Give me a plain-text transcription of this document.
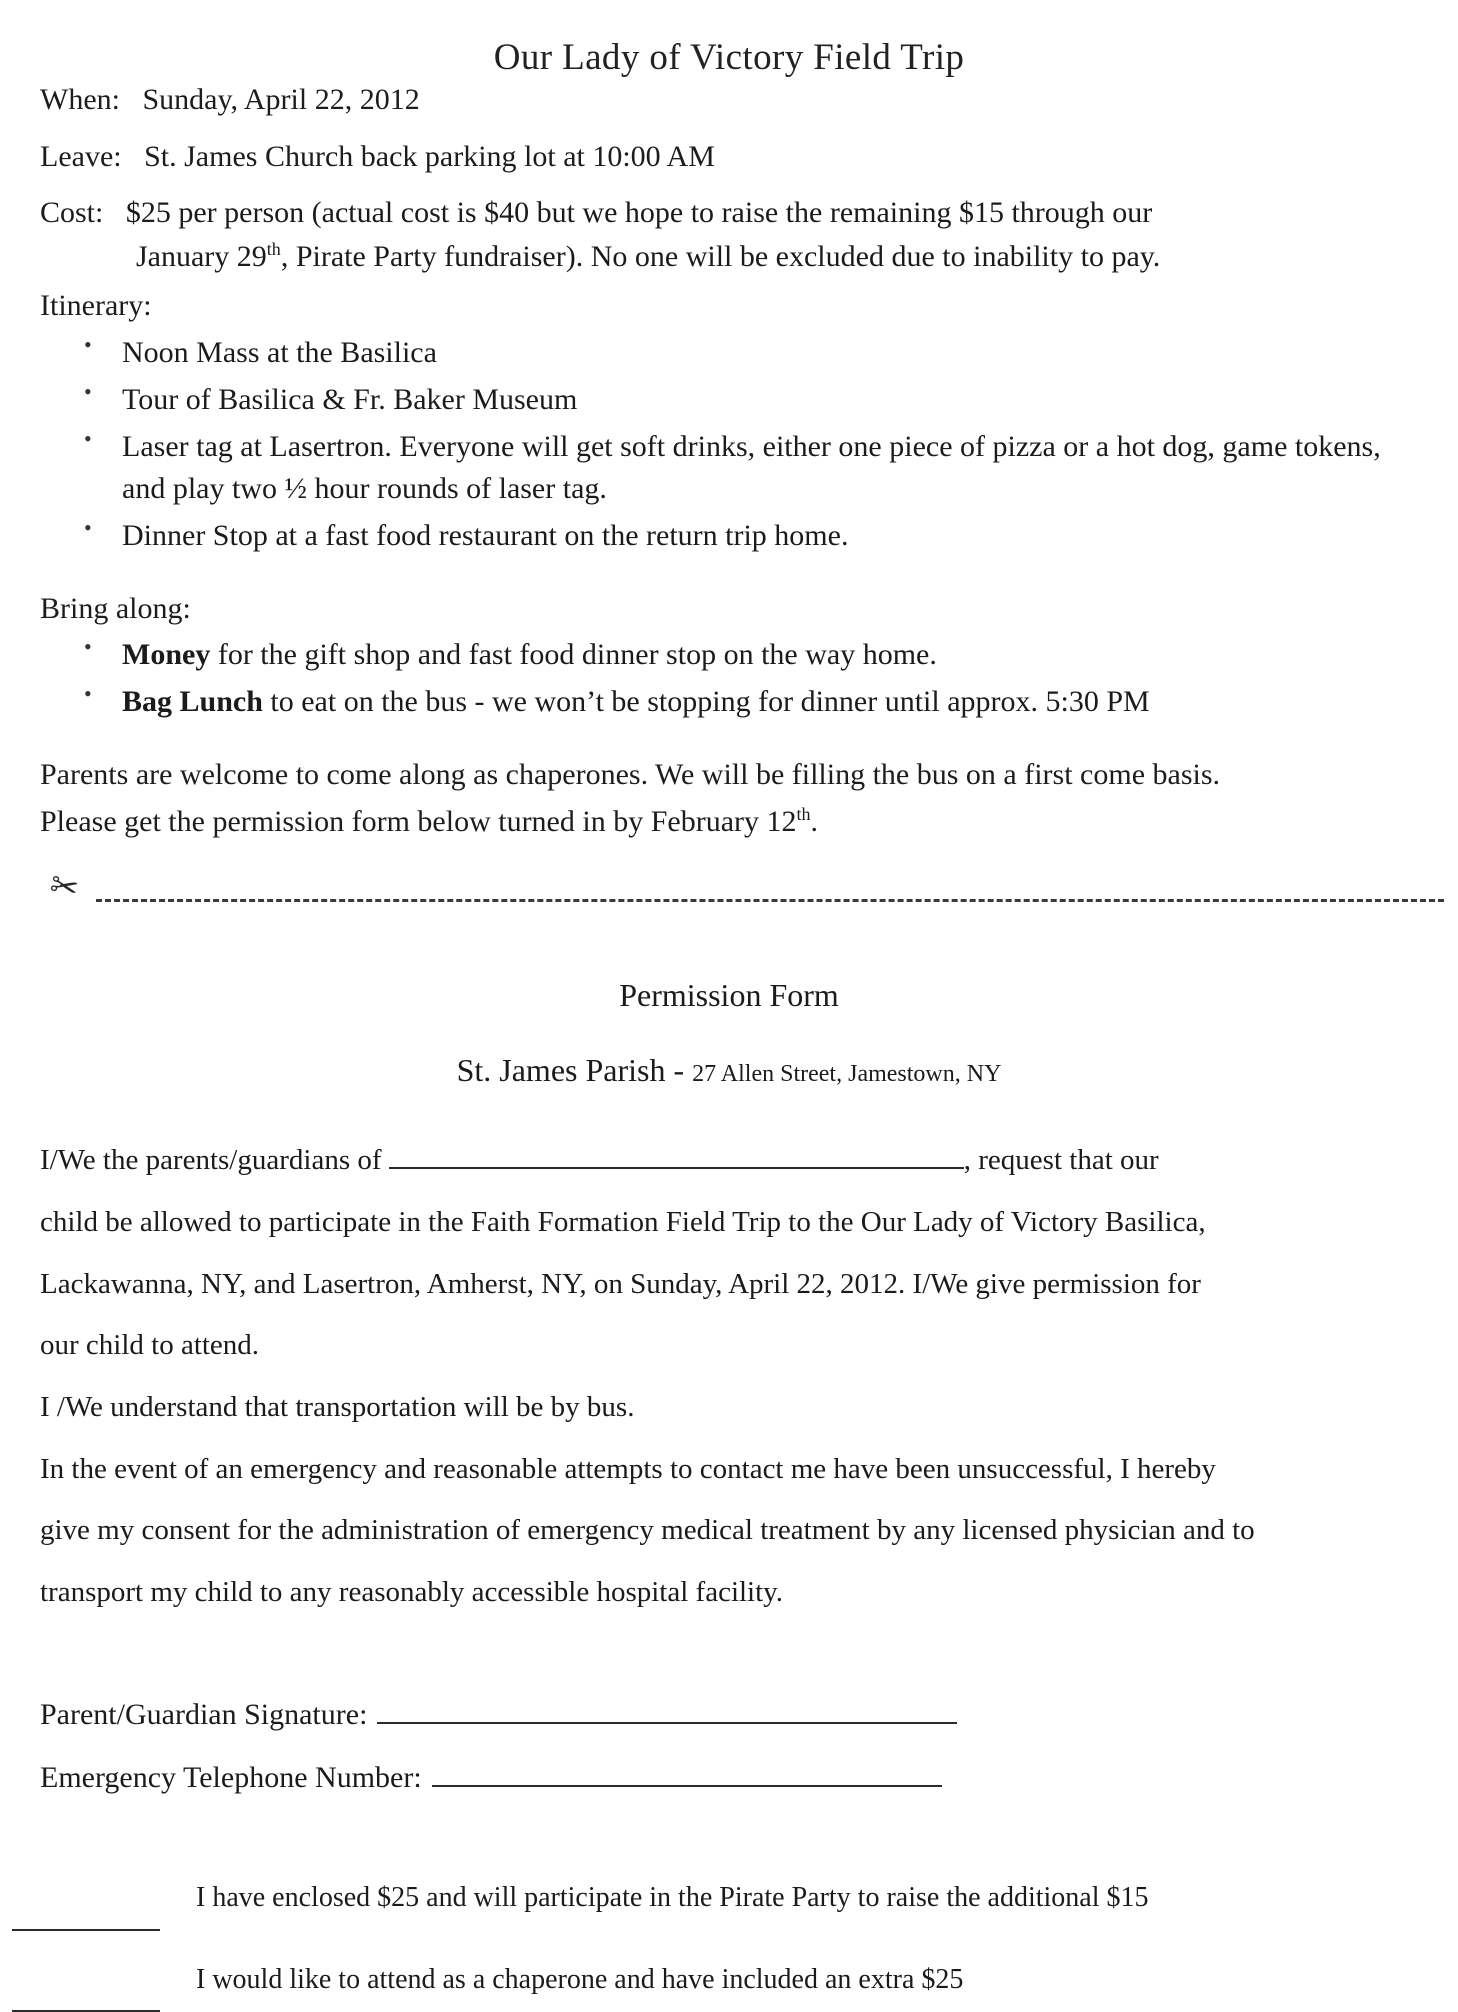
Our Lady of Victory Field Trip
When: Sunday, April 22, 2012
Leave: St. James Church back parking lot at 10:00 AM
Cost: $25 per person (actual cost is $40 but we hope to raise the remaining $15 through our
January 29th, Pirate Party fundraiser). No one will be excluded due to inability to pay.
Itinerary:
• Noon Mass at the Basilica
• Tour of Basilica & Fr. Baker Museum
• Laser tag at Lasertron. Everyone will get soft drinks, either one piece of pizza or a hot dog, game tokens, and play two ½ hour rounds of laser tag.
• Dinner Stop at a fast food restaurant on the return trip home.
Bring along:
• Money for the gift shop and fast food dinner stop on the way home.
• Bag Lunch to eat on the bus - we won’t be stopping for dinner until approx. 5:30 PM
Parents are welcome to come along as chaperones. We will be filling the bus on a first come basis.
Please get the permission form below turned in by February 12th.
✂
Permission Form
St. James Parish - 27 Allen Street, Jamestown, NY

I/We the parents/guardians of	, request that our

child be allowed to participate in the Faith Formation Field Trip to the Our Lady of Victory Basilica,

Lackawanna, NY, and Lasertron, Amherst, NY, on Sunday, April 22, 2012. I/We give permission for

our child to attend.

I /We understand that transportation will be by bus.

In the event of an emergency and reasonable attempts to contact me have been unsuccessful, I hereby

give my consent for the administration of emergency medical treatment by any licensed physician and to

transport my child to any reasonably accessible hospital facility.

Parent/Guardian Signature:
Emergency Telephone Number:
I have enclosed $25 and will participate in the Pirate Party to raise the additional $15
I would like to attend as a chaperone and have included an extra $25
